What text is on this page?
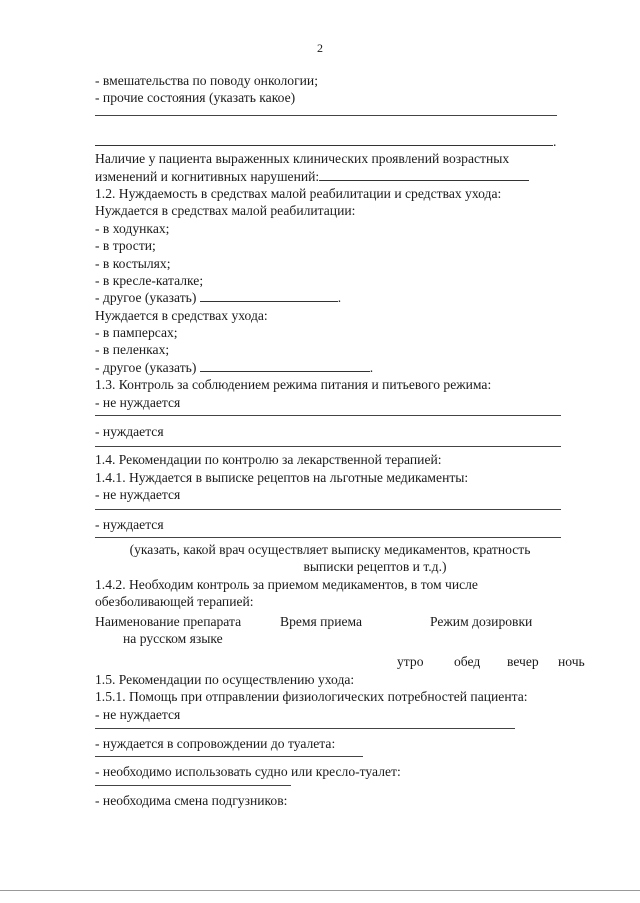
2
- вмешательства по поводу онкологии;
- прочие состояния (указать какое)
.
Наличие у пациента выраженных клинических проявлений возрастных
изменений и когнитивных нарушений:
1.2. Нуждаемость в средствах малой реабилитации и средствах ухода:
Нуждается в средствах малой реабилитации:
- в ходунках;
- в трости;
- в костылях;
- в кресле-каталке;
- другое (указать)	.
Нуждается в средствах ухода:
- в памперсах;
- в пеленках;
- другое (указать)	.
1.3. Контроль за соблюдением режима питания и питьевого режима:
- не нуждается
- нуждается
1.4. Рекомендации по контролю за лекарственной терапией:
1.4.1. Нуждается в выписке рецептов на льготные медикаменты:
- не нуждается
- нуждается
(указать, какой врач осуществляет выписку медикаментов, кратность
выписки рецептов и т.д.)
1.4.2. Необходим контроль за приемом медикаментов, в том числе
обезболивающей терапией:
Наименование препарата	Время приема	Режим дозировки
на русском языке
утро обед вечер ночь
1.5. Рекомендации по осуществлению ухода:
1.5.1. Помощь при отправлении физиологических потребностей пациента:
- не нуждается
- нуждается в сопровождении до туалета:
- необходимо использовать судно или кресло-туалет:
- необходима смена подгузников:
